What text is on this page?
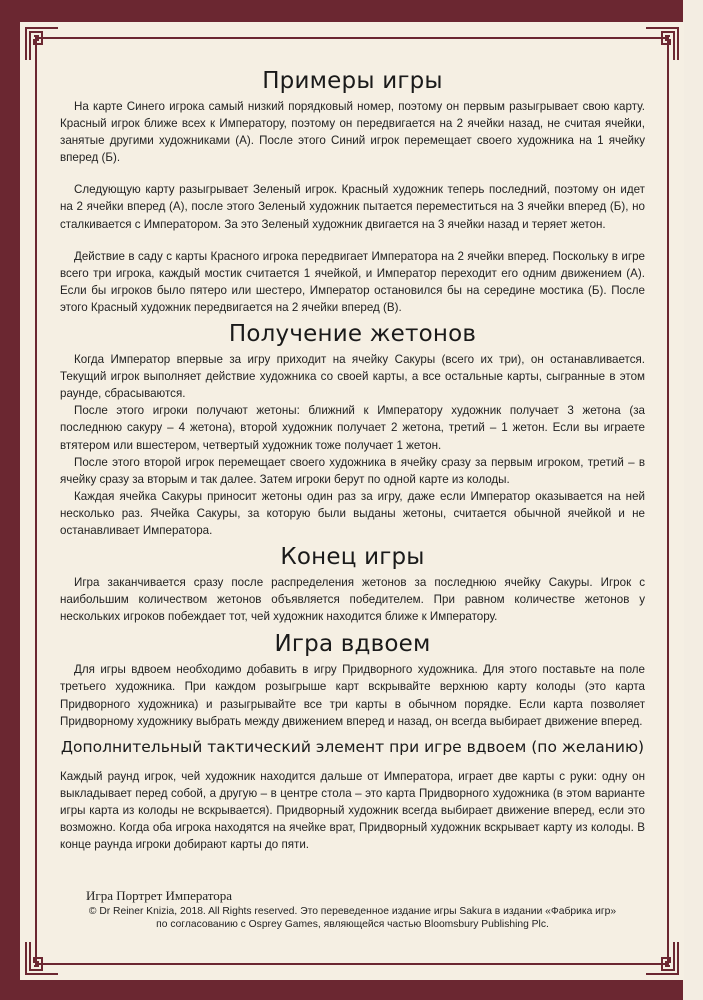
Примеры игры

На карте Синего игрока самый низкий порядковый номер, поэтому он первым разыгрывает свою карту. Красный игрок ближе всех к Императору, поэтому он передвигается на 2 ячейки назад, не считая ячейки, занятые другими художниками (А). После этого Синий игрок перемещает своего художника на 1 ячейку вперед (Б).

Следующую карту разыгрывает Зеленый игрок. Красный художник теперь последний, поэтому он идет на 2 ячейки вперед (А), после этого Зеленый художник пытается переместиться на 3 ячейки вперед (Б), но сталкивается с Императором. За это Зеленый художник двигается на 3 ячейки назад и теряет жетон.

Действие в саду с карты Красного игрока передвигает Императора на 2 ячейки вперед. Поскольку в игре всего три игрока, каждый мостик считается 1 ячейкой, и Император переходит его одним движением (А). Если бы игроков было пятеро или шестеро, Император остановился бы на середине мостика (Б). После этого Красный художник передвигается на 2 ячейки вперед (В).

Получение жетонов

Когда Император впервые за игру приходит на ячейку Сакуры (всего их три), он останавливается. Текущий игрок выполняет действие художника со своей карты, а все остальные карты, сыгранные в этом раунде, сбрасываются.

После этого игроки получают жетоны: ближний к Императору художник получает 3 жетона (за последнюю сакуру – 4 жетона), второй художник получает 2 жетона, третий – 1 жетон. Если вы играете втятером или вшестером, четвертый художник тоже получает 1 жетон.

После этого второй игрок перемещает своего художника в ячейку сразу за первым игроком, третий – в ячейку сразу за вторым и так далее. Затем игроки берут по одной карте из колоды.

Каждая ячейка Сакуры приносит жетоны один раз за игру, даже если Император оказывается на ней несколько раз. Ячейка Сакуры, за которую были выданы жетоны, считается обычной ячейкой и не останавливает Императора.

Конец игры

Игра заканчивается сразу после распределения жетонов за последнюю ячейку Сакуры. Игрок с наибольшим количеством жетонов объявляется победителем. При равном количестве жетонов у нескольких игроков побеждает тот, чей художник находится ближе к Императору.

Игра вдвоем

Для игры вдвоем необходимо добавить в игру Придворного художника. Для этого поставьте на поле третьего художника. При каждом розыгрыше карт вскрывайте верхнюю карту колоды (это карта Придворного художника) и разыгрывайте все три карты в обычном порядке. Если карта позволяет Придворному художнику выбрать между движением вперед и назад, он всегда выбирает движение вперед.

Дополнительный тактический элемент при игре вдвоем (по желанию)

Каждый раунд игрок, чей художник находится дальше от Императора, играет две карты с руки: одну он выкладывает перед собой, а другую – в центре стола – это карта Придворного художника (в этом варианте игры карта из колоды не вскрывается). Придворный художник всегда выбирает движение вперед, если это возможно. Когда оба игрока находятся на ячейке врат, Придворный художник вскрывает карту из колоды. В конце раунда игроки добирают карты до пяти.

Игра Портрет Императора
© Dr Reiner Knizia, 2018. All Rights reserved. Это переведенное издание игры Sakura в издании «Фабрика игр»
по согласованию с Osprey Games, являющейся частью Bloomsbury Publishing Plc.
